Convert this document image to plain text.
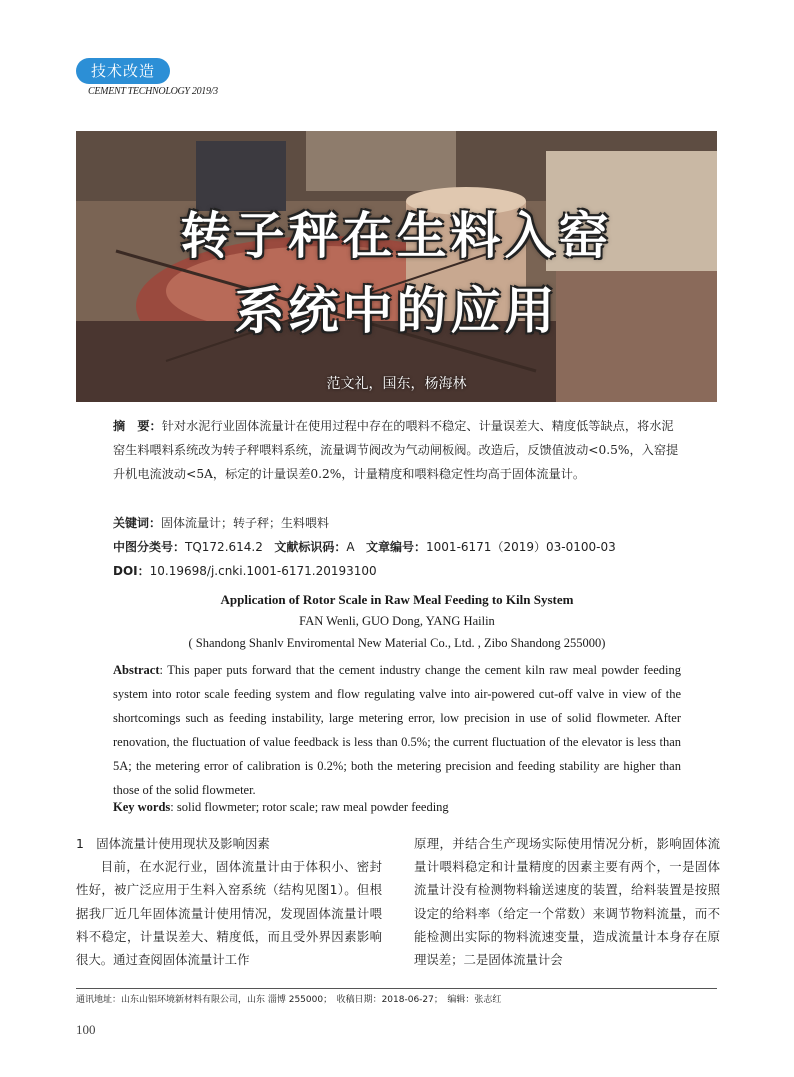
技术改造
CEMENT TECHNOLOGY 2019/3
转子秤在生料入窑
系统中的应用
范文礼，国东，杨海林
摘　要：针对水泥行业固体流量计在使用过程中存在的喂料不稳定、计量误差大、精度低等缺点，将水泥窑生料喂料系统改为转子秤喂料系统，流量调节阀改为气动闸板阀。改造后，反馈值波动<0.5%，入窑提升机电流波动<5A，标定的计量误差0.2%，计量精度和喂料稳定性均高于固体流量计。
关键词：固体流量计；转子秤；生料喂料
中图分类号：TQ172.614.2 文献标识码：A 文章编号：1001-6171（2019）03-0100-03
DOI：10.19698/j.cnki.1001-6171.20193100
Application of Rotor Scale in Raw Meal Feeding to Kiln System
FAN Wenli, GUO Dong, YANG Hailin
( Shandong Shanlv Enviromental New Material Co., Ltd. , Zibo Shandong 255000)
Abstract: This paper puts forward that the cement industry change the cement kiln raw meal powder feeding system into rotor scale feeding system and flow regulating valve into air-powered cut-off valve in view of the shortcomings such as feeding instability, large metering error, low precision in use of solid flowmeter. After renovation, the fluctuation of value feedback is less than 0.5%; the current fluctuation of the elevator is less than 5A; the metering error of calibration is 0.2%; both the metering precision and feeding stability are higher than those of the solid flowmeter.
Key words: solid flowmeter; rotor scale; raw meal powder feeding

1　固体流量计使用现状及影响因素

目前，在水泥行业，固体流量计由于体积小、密封性好，被广泛应用于生料入窑系统（结构见图1）。但根据我厂近几年固体流量计使用情况，发现固体流量计喂料不稳定，计量误差大、精度低，而且受外界因素影响很大。通过查阅固体流量计工作

原理，并结合生产现场实际使用情况分析，影响固体流量计喂料稳定和计量精度的因素主要有两个，一是固体流量计没有检测物料输送速度的装置，给料装置是按照设定的给料率（给定一个常数）来调节物料流量，而不能检测出实际的物料流速变量，造成流量计本身存在原理误差；二是固体流量计会

通讯地址：山东山铝环境新材料有限公司，山东 淄博 255000；　收稿日期：2018-06-27；　编辑：张志红
100
